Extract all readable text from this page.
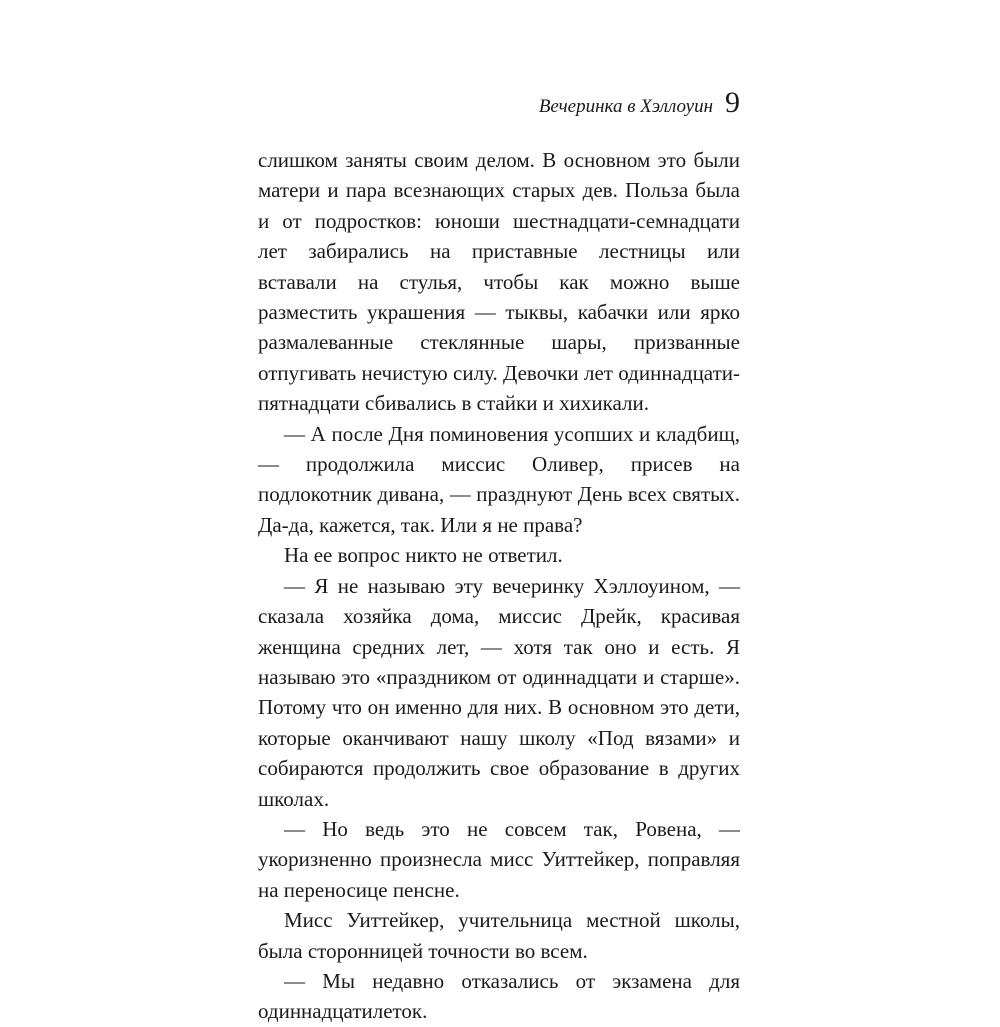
Вечеринка в Хэллоуин 9

слишком заняты своим делом. В основном это были матери и пара всезнающих старых дев. Польза была и от подростков: юноши шестнадцати-семнадцати лет забирались на приставные лестницы или вставали на стулья, чтобы как можно выше разместить украшения — тыквы, кабачки или ярко размалеванные стеклянные шары, призванные отпугивать нечистую силу. Девочки лет одиннадцати-пятнадцати сбивались в стайки и хихикали.

— А после Дня поминовения усопших и кладбищ, — продолжила миссис Оливер, присев на подлокотник дивана, — празднуют День всех святых. Да-да, кажется, так. Или я не права?

На ее вопрос никто не ответил.

— Я не называю эту вечеринку Хэллоуином, — сказала хозяйка дома, миссис Дрейк, красивая женщина средних лет, — хотя так оно и есть. Я называю это «праздником от одиннадцати и старше». Потому что он именно для них. В основном это дети, которые оканчивают нашу школу «Под вязами» и собираются продолжить свое образование в других школах.

— Но ведь это не совсем так, Ровена, — укоризненно произнесла мисс Уиттейкер, поправляя на переносице пенсне.

Мисс Уиттейкер, учительница местной школы, была сторонницей точности во всем.

— Мы недавно отказались от экзамена для одиннадцатилеток.
